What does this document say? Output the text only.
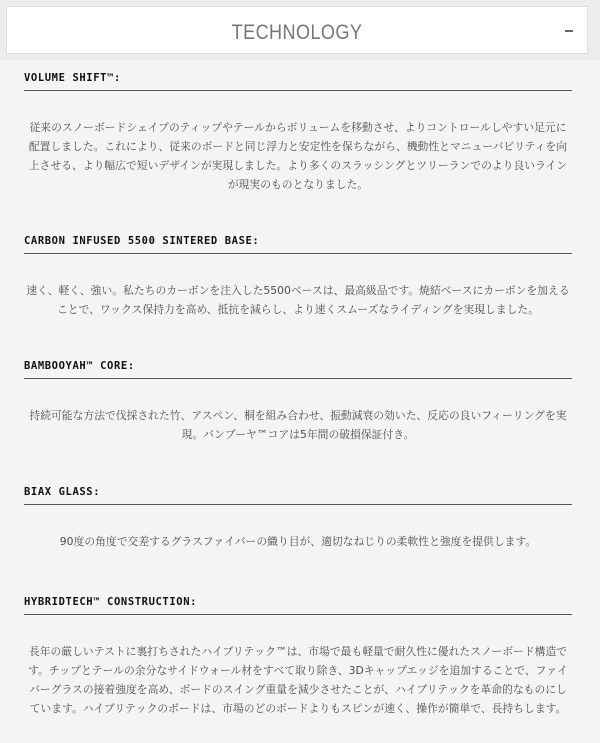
TECHNOLOGY
VOLUME SHIFT™:
従来のスノーボードシェイプのティップやテールからボリュームを移動させ、よりコントロールしやすい足元に配置しました。これにより、従来のボードと同じ浮力と安定性を保ちながら、機動性とマニューバビリティを向上させる、より幅広で短いデザインが実現しました。より多くのスラッシングとツリーランでのより良いラインが現実のものとなりました。
CARBON INFUSED 5500 SINTERED BASE:
速く、軽く、強い。私たちのカーボンを注入した5500ベースは、最高級品です。焼結ベースにカーボンを加えることで、ワックス保持力を高め、抵抗を減らし、より速くスムーズなライディングを実現しました。
BAMBOOYAH™ CORE:
持続可能な方法で伐採された竹、アスペン、桐を組み合わせ、振動減衰の効いた、反応の良いフィーリングを実現。バンブーヤ™コアは5年間の破損保証付き。
BIAX GLASS:
90度の角度で交差するグラスファイバーの織り目が、適切なねじりの柔軟性と強度を提供します。
HYBRIDTECH™ CONSTRUCTION:
長年の厳しいテストに裏打ちされたハイブリテック™は、市場で最も軽量で耐久性に優れたスノーボード構造です。チップとテールの余分なサイドウォール材をすべて取り除き、3Dキャップエッジを追加することで、ファイバーグラスの接着強度を高め、ボードのスイング重量を減少させたことが、ハイブリテックを革命的なものにしています。ハイブリテックのボードは、市場のどのボードよりもスピンが速く、操作が簡単で、長持ちします。
